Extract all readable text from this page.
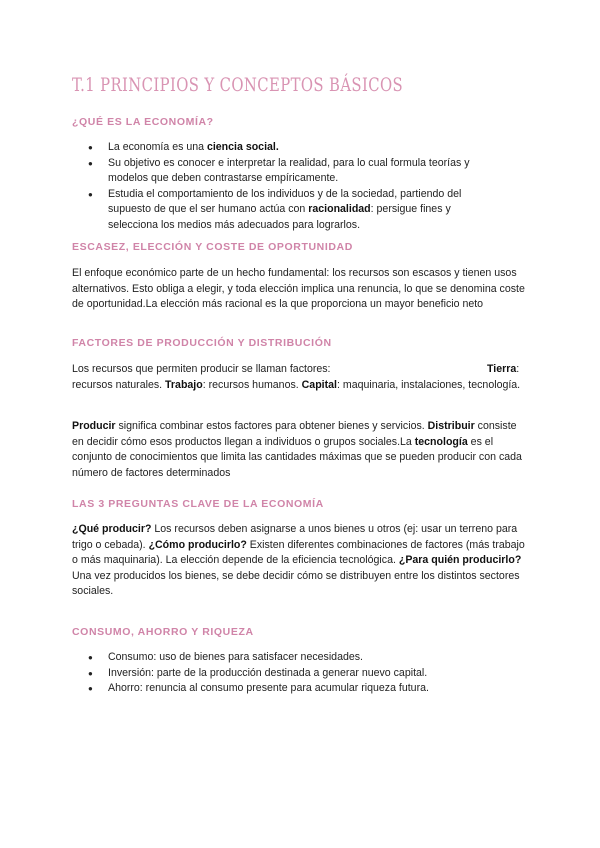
T.1 PRINCIPIOS Y CONCEPTOS BÁSICOS
¿QUÉ ES LA ECONOMÍA?
● La economía es una ciencia social.
● Su objetivo es conocer e interpretar la realidad, para lo cual formula teorías y modelos que deben contrastarse empíricamente.
● Estudia el comportamiento de los individuos y de la sociedad, partiendo del supuesto de que el ser humano actúa con racionalidad: persigue fines y selecciona los medios más adecuados para lograrlos.
ESCASEZ, ELECCIÓN Y COSTE DE OPORTUNIDAD
El enfoque económico parte de un hecho fundamental: los recursos son escasos y tienen usos alternativos. Esto obliga a elegir, y toda elección implica una renuncia, lo que se denomina coste de oportunidad.La elección más racional es la que proporciona un mayor beneficio neto
FACTORES DE PRODUCCIÓN Y DISTRIBUCIÓN
Los recursos que permiten producir se llaman factores:	Tierra:
recursos naturales. Trabajo: recursos humanos. Capital: maquinaria, instalaciones, tecnología.
Producir significa combinar estos factores para obtener bienes y servicios. Distribuir consiste en decidir cómo esos productos llegan a individuos o grupos sociales.La tecnología es el conjunto de conocimientos que limita las cantidades máximas que se pueden producir con cada número de factores determinados
LAS 3 PREGUNTAS CLAVE DE LA ECONOMÍA
¿Qué producir? Los recursos deben asignarse a unos bienes u otros (ej: usar un terreno para trigo o cebada). ¿Cómo producirlo? Existen diferentes combinaciones de factores (más trabajo o más maquinaria). La elección depende de la eficiencia tecnológica. ¿Para quién producirlo? Una vez producidos los bienes, se debe decidir cómo se distribuyen entre los distintos sectores sociales.
CONSUMO, AHORRO Y RIQUEZA
● Consumo: uso de bienes para satisfacer necesidades.
● Inversión: parte de la producción destinada a generar nuevo capital.
● Ahorro: renuncia al consumo presente para acumular riqueza futura.
